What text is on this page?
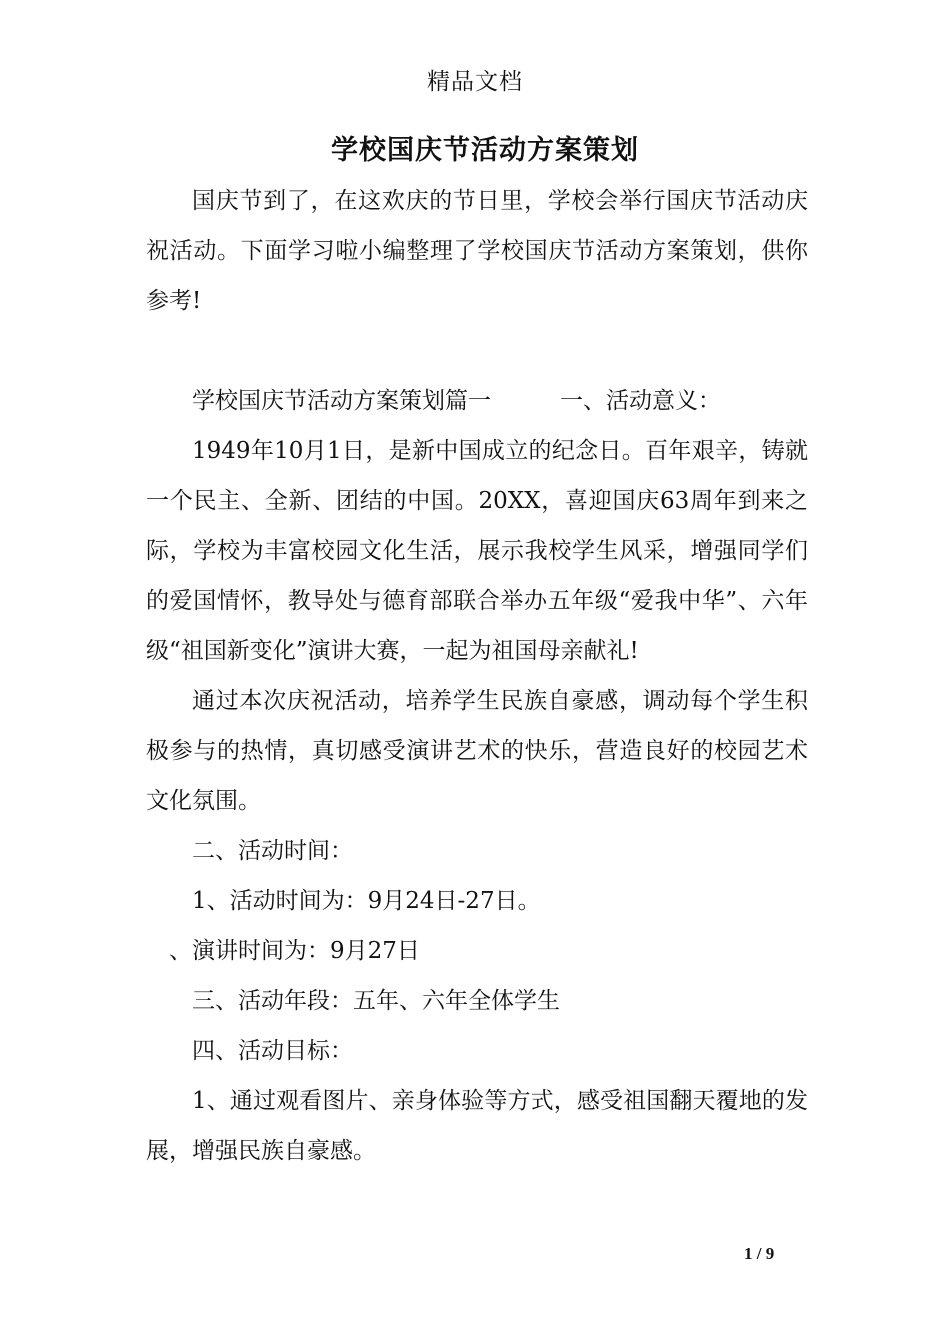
精品文档
学校国庆节活动方案策划

国庆节到了，在这欢庆的节日里，学校会举行国庆节活动庆祝活动。下面学习啦小编整理了学校国庆节活动方案策划，供你参考!

学校国庆节活动方案策划篇一　　　一、活动意义：

1949年10月1日，是新中国成立的纪念日。百年艰辛，铸就一个民主、全新、团结的中国。20XX，喜迎国庆63周年到来之际，学校为丰富校园文化生活，展示我校学生风采，增强同学们的爱国情怀，教导处与德育部联合举办五年级“爱我中华”、六年级“祖国新变化”演讲大赛，一起为祖国母亲献礼!

通过本次庆祝活动，培养学生民族自豪感，调动每个学生积极参与的热情，真切感受演讲艺术的快乐，营造良好的校园艺术文化氛围。

二、活动时间：

1、活动时间为：9月24日-27日。

、演讲时间为：9月27日

三、活动年段：五年、六年全体学生

四、活动目标：

1、通过观看图片、亲身体验等方式，感受祖国翻天覆地的发展，增强民族自豪感。

1 / 9
